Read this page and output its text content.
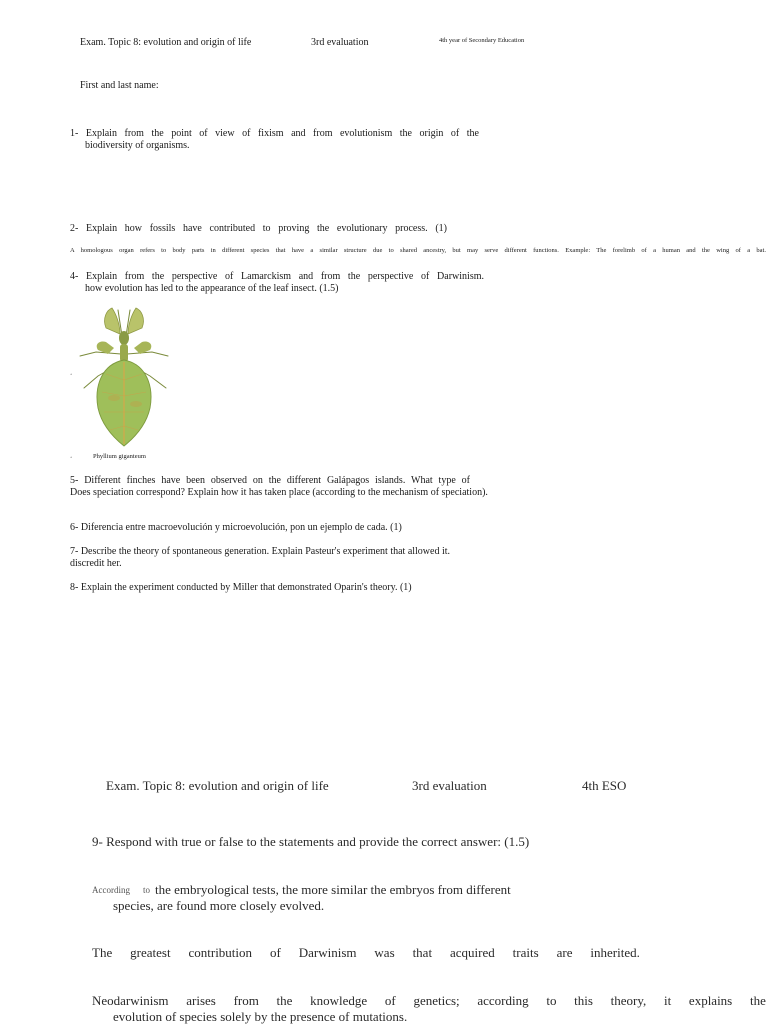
Exam. Topic 8: evolution and origin of life	3rd evaluation	4th year of Secondary Education
First and last name:
1- Explain from the point of view of fixism and from evolutionism the origin of the
biodiversity of organisms.
2- Explain how fossils have contributed to proving the evolutionary process. (1)
A homologous organ refers to body parts in different species that have a similar structure due to shared ancestry, but may serve different functions. Example: The forelimb of a human and the wing of a bat.
4- Explain from the perspective of Lamarckism and from the perspective of Darwinism.
how evolution has led to the appearance of the leaf insect. (1.5)
∘
∘	Phyllium giganteum
5- Different finches have been observed on the different Galápagos islands. What type of
Does speciation correspond? Explain how it has taken place (according to the mechanism of speciation).
6- Diferencia entre macroevolución y microevolución, pon un ejemplo de cada. (1)
7- Describe the theory of spontaneous generation. Explain Pasteur's experiment that allowed it.
discredit her.
8- Explain the experiment conducted by Miller that demonstrated Oparin's theory. (1)
Exam. Topic 8: evolution and origin of life	3rd evaluation	4th ESO
9- Respond with true or false to the statements and provide the correct answer: (1.5)
According to the embryological tests, the more similar the embryos from different
species, are found more closely evolved.
The greatest contribution of Darwinism was that acquired traits are inherited.
Neodarwinism arises from the knowledge of genetics; according to this theory, it explains the
evolution of species solely by the presence of mutations.
